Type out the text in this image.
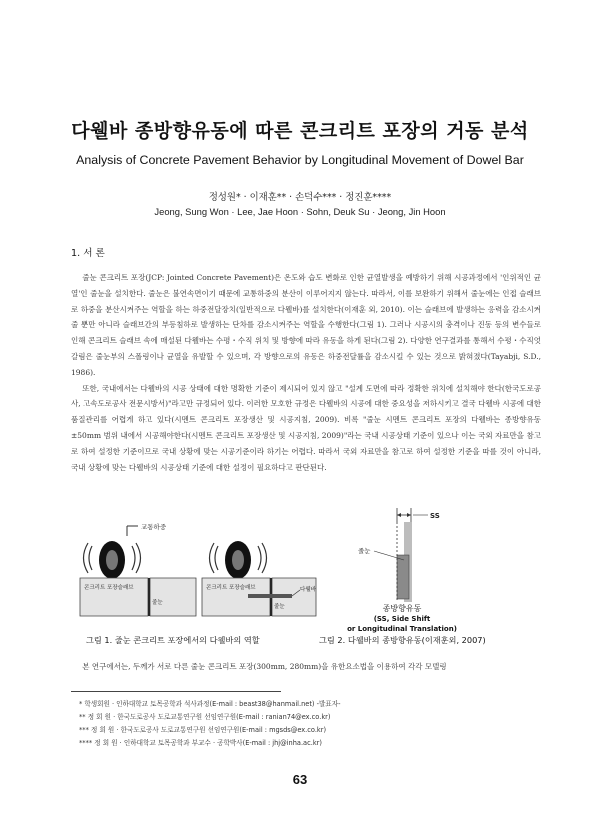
다웰바 종방향유동에 따른 콘크리트 포장의 거동 분석
Analysis of Concrete Pavement Behavior by Longitudinal Movement of Dowel Bar
정성원* · 이재훈** · 손덕수*** · 정진훈****
Jeong, Sung Won · Lee, Jae Hoon · Sohn, Deuk Su · Jeong, Jin Hoon
1. 서 론

줄눈 콘크리트 포장(JCP: Jointed Concrete Pavement)은 온도와 습도 변화로 인한 균열발생을 예방하기 위해 시공과정에서 '인위적인 균열'인 줄눈을 설치한다. 줄눈은 불연속면이기 때문에 교통하중의 분산이 이루어지지 않는다. 따라서, 이를 보완하기 위해서 줄눈에는 인접 슬래브로 하중을 분산시켜주는 역할을 하는 하중전달장치(일반적으로 다웰바)를 설치한다(이재훈 외, 2010). 이는 슬래브에 발생하는 응력을 감소시켜 줄 뿐만 아니라 슬래브간의 부등침하로 발생하는 단차를 감소시켜주는 역할을 수행한다(그림 1). 그러나 시공시의 충격이나 진동 등의 변수들로 인해 콘크리트 슬래브 속에 매설된 다웰바는 수평・수직 위치 및 방향에 따라 유동을 하게 된다(그림 2). 다양한 연구결과를 통해서 수평・수직엇갈림은 줄눈부의 스폴링이나 균열을 유발할 수 있으며, 각 방향으로의 유동은 하중전달률을 감소시킬 수 있는 것으로 밝혀졌다(Tayabji, S.D., 1986).

또한, 국내에서는 다웰바의 시공 상태에 대한 명확한 기준이 제시되어 있지 않고 "설계 도면에 따라 정확한 위치에 설치해야 한다(한국도로공사, 고속도로공사 전문시방서)"라고만 규정되어 있다. 이러한 모호한 규정은 다웰바의 시공에 대한 중요성을 저하시키고 결국 다웰바 시공에 대한 품질관리를 어렵게 하고 있다(시멘트 콘크리트 포장생산 및 시공지침, 2009). 비록 "줄눈 시멘트 콘크리트 포장의 다웰바는 종방향유동 ±50mm 범위 내에서 시공해야한다(시멘트 콘크리트 포장생산 및 시공지침, 2009)"라는 국내 시공상태 기준이 있으나 이는 국외 자료만을 참고로 하여 설정한 기준이므로 국내 상황에 맞는 시공기준이라 하기는 어렵다. 따라서 국외 자료만을 참고로 하여 설정한 기준을 따를 것이 아니라, 국내 상황에 맞는 다웰바의 시공상태 기준에 대한 설정이 필요하다고 판단된다.

교통하중
콘크리트 포장슬래브
줄눈
다웰바
콘크리트 포장슬래브
줄눈
그림 1. 줄눈 콘크리트 포장에서의 다웰바의 역할
SS
줄눈
종방향유동
(SS, Side Shift
or Longitudinal Translation)
그림 2. 다웰바의 종방향유동(이재훈외, 2007)

본 연구에서는, 두께가 서로 다른 줄눈 콘크리트 포장(300mm, 280mm)을 유한요소법을 이용하여 각각 모델링

* 학생회원 · 인하대학교 토목공학과 석사과정(E-mail : beast38@hanmail.net) -발표자-
** 정 회 원 · 한국도로공사 도로교통연구원 선임연구원(E-mail : ranian74@ex.co.kr)
*** 정 회 원 · 한국도로공사 도로교통연구원 선임연구원(E-mail : mgsds@ex.co.kr)
**** 정 회 원 · 인하대학교 토목공학과 부교수 · 공학박사(E-mail : jhj@inha.ac.kr)
63
